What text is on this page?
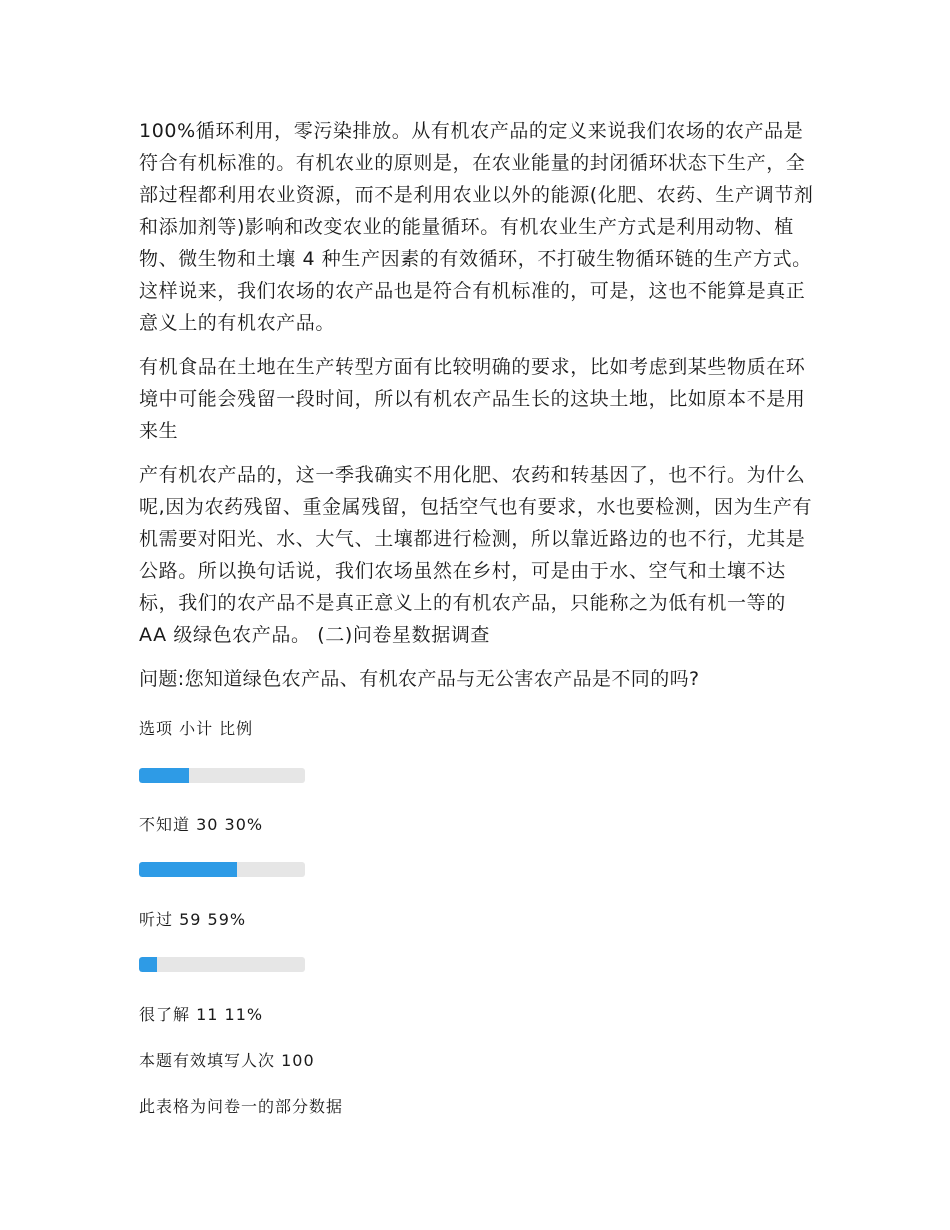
100%循环利用，零污染排放。从有机农产品的定义来说我们农场的农产品是符合有机标准的。有机农业的原则是，在农业能量的封闭循环状态下生产，全部过程都利用农业资源，而不是利用农业以外的能源(化肥、农药、生产调节剂和添加剂等)影响和改变农业的能量循环。有机农业生产方式是利用动物、植物、微生物和土壤 4 种生产因素的有效循环，不打破生物循环链的生产方式。这样说来，我们农场的农产品也是符合有机标准的，可是，这也不能算是真正意义上的有机农产品。

有机食品在土地在生产转型方面有比较明确的要求，比如考虑到某些物质在环境中可能会残留一段时间，所以有机农产品生长的这块土地，比如原本不是用来生

产有机农产品的，这一季我确实不用化肥、农药和转基因了，也不行。为什么呢,因为农药残留、重金属残留，包括空气也有要求，水也要检测，因为生产有机需要对阳光、水、大气、土壤都进行检测，所以靠近路边的也不行，尤其是公路。所以换句话说，我们农场虽然在乡村，可是由于水、空气和土壤不达标，我们的农产品不是真正意义上的有机农产品，只能称之为低有机一等的 AA 级绿色农产品。 (二)问卷星数据调查

问题:您知道绿色农产品、有机农产品与无公害农产品是不同的吗?

选项 小计 比例

不知道 30 30%

听过 59 59%

很了解 11 11%

本题有效填写人次 100

此表格为问卷一的部分数据
